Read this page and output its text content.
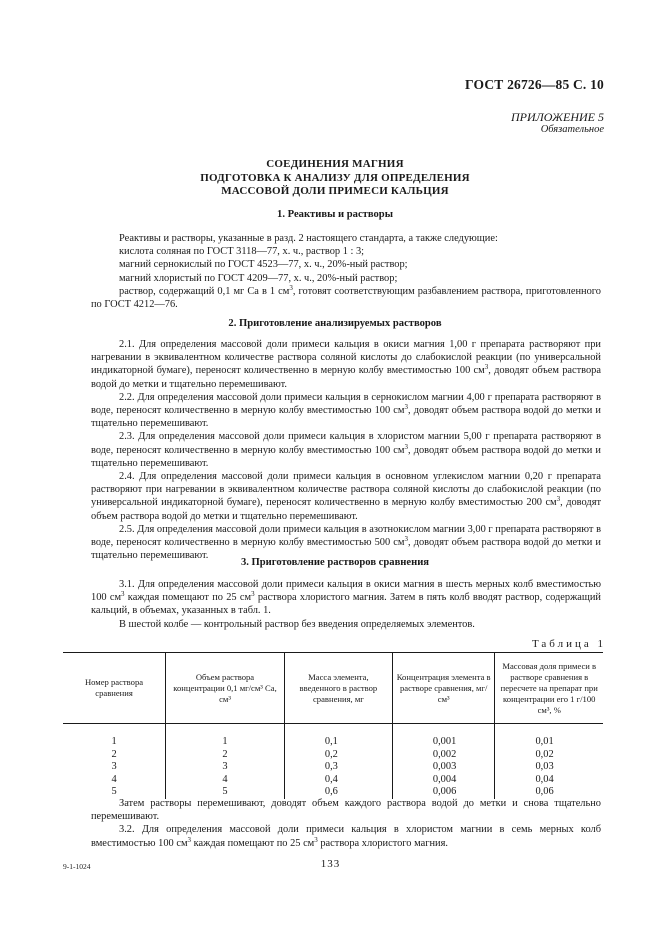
ГОСТ 26726—85 С. 10
ПРИЛОЖЕНИЕ 5
Обязательное
СОЕДИНЕНИЯ МАГНИЯ
ПОДГОТОВКА К АНАЛИЗУ ДЛЯ ОПРЕДЕЛЕНИЯ
МАССОВОЙ ДОЛИ ПРИМЕСИ КАЛЬЦИЯ
1. Реактивы и растворы

Реактивы и растворы, указанные в разд. 2 настоящего стандарта, а также следующие:

кислота соляная по ГОСТ 3118—77, х. ч., раствор 1 : 3;

магний сернокислый по ГОСТ 4523—77, х. ч., 20%-ный раствор;

магний хлористый по ГОСТ 4209—77, х. ч., 20%-ный раствор;

раствор, содержащий 0,1 мг Са в 1 $см^3$, готовят соответствующим разбавлением раствора, приготовленного по ГОСТ 4212—76.

2. Приготовление анализируемых растворов

2.1. Для определения массовой доли примеси кальция в окиси магния 1,00 г препарата растворяют при нагревании в эквивалентном количестве раствора соляной кислоты до слабокислой реакции (по универсальной индикаторной бумаге), переносят количественно в мерную колбу вместимостью 100 $см^3$, доводят объем раствора водой до метки и тщательно перемешивают.

2.2. Для определения массовой доли примеси кальция в сернокислом магнии 4,00 г препарата растворяют в воде, переносят количественно в мерную колбу вместимостью 100 $см^3$, доводят объем раствора водой до метки и тщательно перемешивают.

2.3. Для определения массовой доли примеси кальция в хлористом магнии 5,00 г препарата растворяют в воде, переносят количественно в мерную колбу вместимостью 100 $см^3$, доводят объем раствора водой до метки и тщательно перемешивают.

2.4. Для определения массовой доли примеси кальция в основном углекислом магнии 0,20 г препарата растворяют при нагревании в эквивалентном количестве раствора соляной кислоты до слабокислой реакции (по универсальной индикаторной бумаге), переносят количественно в мерную колбу вместимостью 200 $см^3$, доводят объем раствора водой до метки и тщательно перемешивают.

2.5. Для определения массовой доли примеси кальция в азотнокислом магнии 3,00 г препарата растворяют в воде, переносят количественно в мерную колбу вместимостью 500 $см^3$, доводят объем раствора водой до метки и тщательно перемешивают.

3. Приготовление растворов сравнения

3.1. Для определения массовой доли примеси кальция в окиси магния в шесть мерных колб вместимостью 100 $см^3$ каждая помещают по 25 $см^3$ раствора хлористого магния. Затем в пять колб вводят раствор, содержащий кальций, в объемах, указанных в табл. 1.

В шестой колбе — контрольный раствор без введения определяемых элементов.

Таблица 1
Номер раствора сравнения	Объем раствора концентрации 0,1 мг/см³ Са, см³	Масса элемента, введенного в раствор сравнения, мг	Концентрация элемента в растворе сравнения, мг/см³	Массовая доля примеси в растворе сравнения в пересчете на препарат при концентрации его 1 г/100 см³, %
1	1	0,1	0,001	0,01
2	2	0,2	0,002	0,02
3	3	0,3	0,003	0,03
4	4	0,4	0,004	0,04
5	5	0,6	0,006	0,06

Затем растворы перемешивают, доводят объем каждого раствора водой до метки и снова тщательно перемешивают.

3.2. Для определения массовой доли примеси кальция в хлористом магнии в семь мерных колб вместимостью 100 $см^3$ каждая помещают по 25 $см^3$ раствора хлористого магния.

9-1-1024	133
